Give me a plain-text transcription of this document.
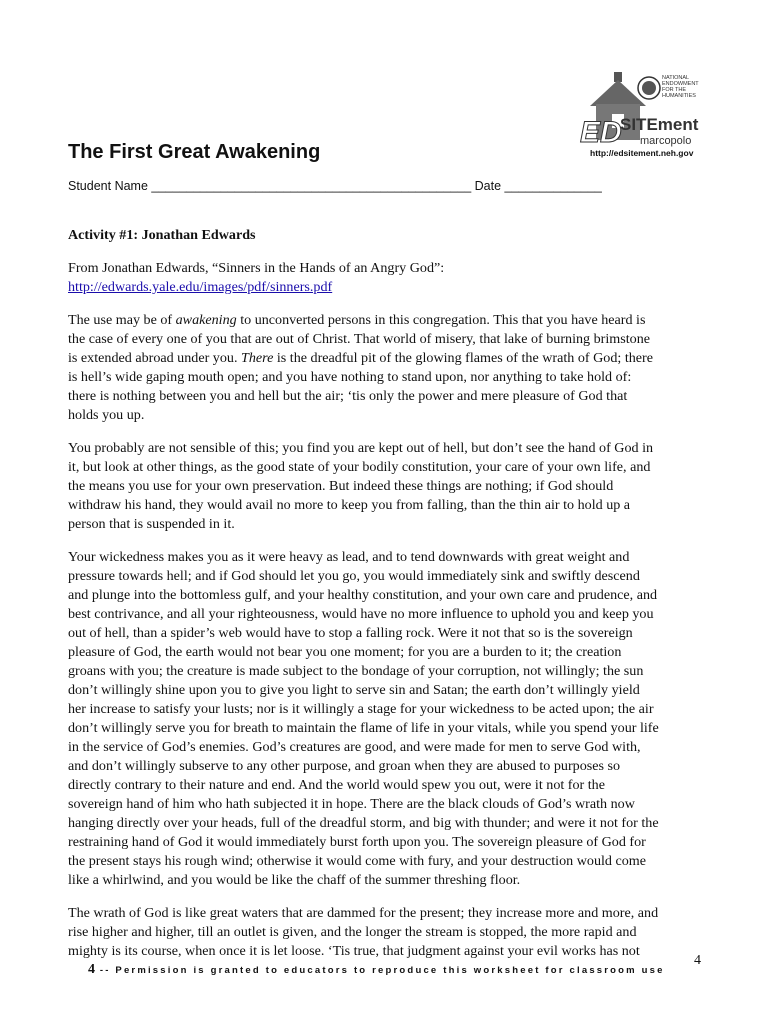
NATIONAL
ENDOWMENT
FOR THE
HUMANITIES
ED
SITEment
marcopolo
http://edsitement.neh.gov
The First Great Awakening
Student Name ______________________________________________ Date ______________

Activity #1: Jonathan Edwards

From Jonathan Edwards, “Sinners in the Hands of an Angry God”:

http://edwards.yale.edu/images/pdf/sinners.pdf

The use may be of awakening to unconverted persons in this congregation. This that you have heard is
the case of every one of you that are out of Christ. That world of misery, that lake of burning brimstone
is extended abroad under you. There is the dreadful pit of the glowing flames of the wrath of God; there
is hell’s wide gaping mouth open; and you have nothing to stand upon, nor anything to take hold of:
there is nothing between you and hell but the air; ‘tis only the power and mere pleasure of God that
holds you up.

You probably are not sensible of this; you find you are kept out of hell, but don’t see the hand of God in
it, but look at other things, as the good state of your bodily constitution, your care of your own life, and
the means you use for your own preservation. But indeed these things are nothing; if God should
withdraw his hand, they would avail no more to keep you from falling, than the thin air to hold up a
person that is suspended in it.

Your wickedness makes you as it were heavy as lead, and to tend downwards with great weight and
pressure towards hell; and if God should let you go, you would immediately sink and swiftly descend
and plunge into the bottomless gulf, and your healthy constitution, and your own care and prudence, and
best contrivance, and all your righteousness, would have no more influence to uphold you and keep you
out of hell, than a spider’s web would have to stop a falling rock. Were it not that so is the sovereign
pleasure of God, the earth would not bear you one moment; for you are a burden to it; the creation
groans with you; the creature is made subject to the bondage of your corruption, not willingly; the sun
don’t willingly shine upon you to give you light to serve sin and Satan; the earth don’t willingly yield
her increase to satisfy your lusts; nor is it willingly a stage for your wickedness to be acted upon; the air
don’t willingly serve you for breath to maintain the flame of life in your vitals, while you spend your life
in the service of God’s enemies. God’s creatures are good, and were made for men to serve God with,
and don’t willingly subserve to any other purpose, and groan when they are abused to purposes so
directly contrary to their nature and end. And the world would spew you out, were it not for the
sovereign hand of him who hath subjected it in hope. There are the black clouds of God’s wrath now
hanging directly over your heads, full of the dreadful storm, and big with thunder; and were it not for the
restraining hand of God it would immediately burst forth upon you. The sovereign pleasure of God for
the present stays his rough wind; otherwise it would come with fury, and your destruction would come
like a whirlwind, and you would be like the chaff of the summer threshing floor.

The wrath of God is like great waters that are dammed for the present; they increase more and more, and
rise higher and higher, till an outlet is given, and the longer the stream is stopped, the more rapid and
mighty is its course, when once it is let loose. ‘Tis true, that judgment against your evil works has not

4 -- Permission is granted to educators to reproduce this worksheet for classroom use
4
